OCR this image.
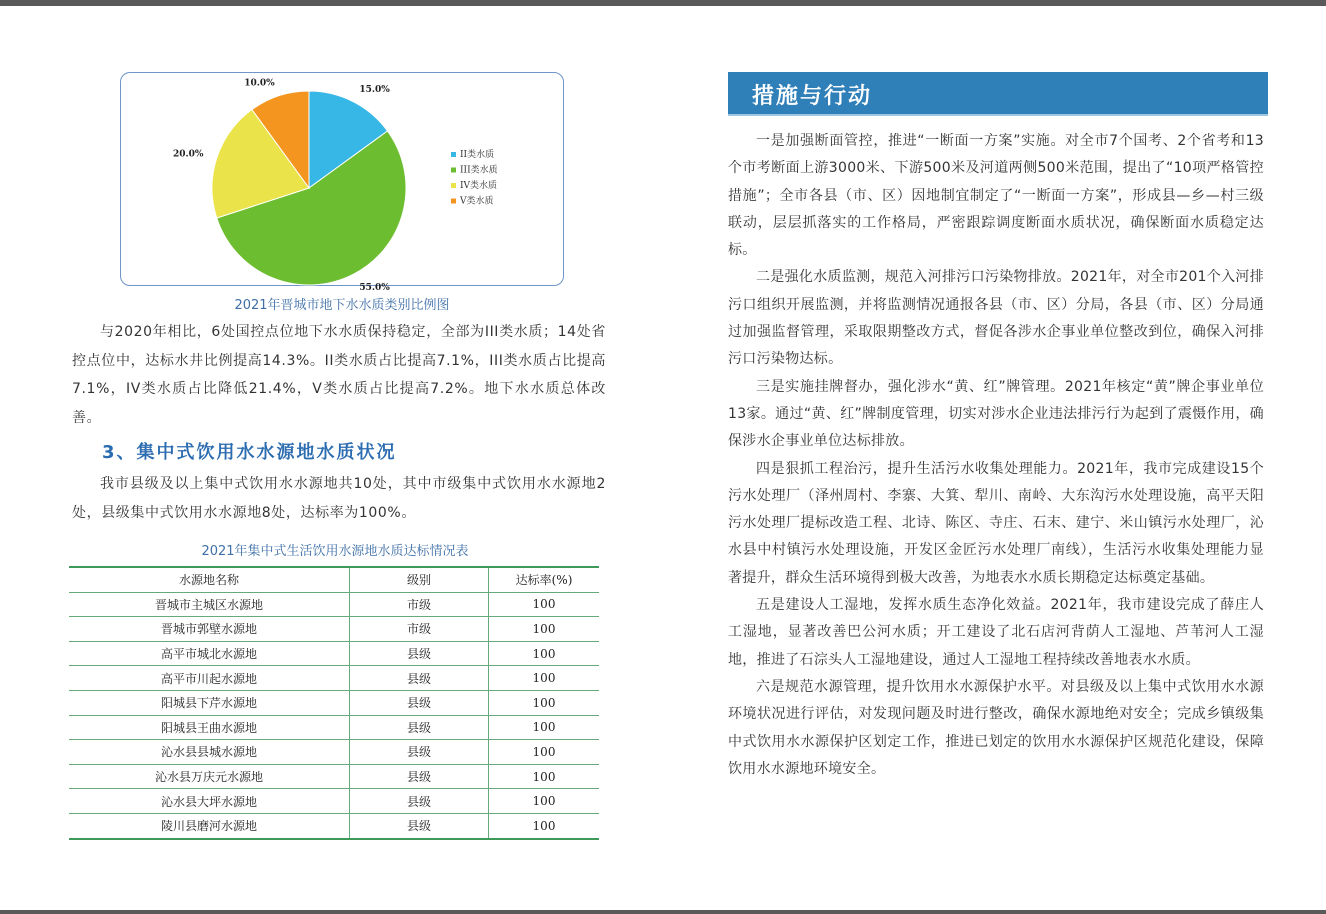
15.0%
55.0%
20.0%
10.0%
II类水质
III类水质
IV类水质
V类水质
2021年晋城市地下水水质类别比例图

与2020年相比，6处国控点位地下水水质保持稳定，全部为III类水质；14处省控点位中，达标水井比例提高14.3%。II类水质占比提高7.1%，III类水质占比提高7.1%，IV类水质占比降低21.4%，V类水质占比提高7.2%。地下水水质总体改善。

3、集中式饮用水水源地水质状况

我市县级及以上集中式饮用水水源地共10处，其中市级集中式饮用水水源地2处，县级集中式饮用水水源地8处，达标率为100%。

2021年集中式生活饮用水源地水质达标情况表
水源地名称	级别	达标率(%)
晋城市主城区水源地	市级	100
晋城市郭壁水源地	市级	100
高平市城北水源地	县级	100
高平市川起水源地	县级	100
阳城县下芹水源地	县级	100
阳城县王曲水源地	县级	100
沁水县县城水源地	县级	100
沁水县万庆元水源地	县级	100
沁水县大坪水源地	县级	100
陵川县磨河水源地	县级	100
措施与行动

一是加强断面管控，推进“一断面一方案”实施。对全市7个国考、2个省考和13个市考断面上游3000米、下游500米及河道两侧500米范围，提出了“10项严格管控措施”；全市各县（市、区）因地制宜制定了“一断面一方案”，形成县—乡—村三级联动，层层抓落实的工作格局，严密跟踪调度断面水质状况，确保断面水质稳定达标。

二是强化水质监测，规范入河排污口污染物排放。2021年，对全市201个入河排污口组织开展监测，并将监测情况通报各县（市、区）分局，各县（市、区）分局通过加强监督管理，采取限期整改方式，督促各涉水企事业单位整改到位，确保入河排污口污染物达标。

三是实施挂牌督办，强化涉水“黄、红”牌管理。2021年核定“黄”牌企事业单位13家。通过“黄、红”牌制度管理，切实对涉水企业违法排污行为起到了震慑作用，确保涉水企事业单位达标排放。

四是狠抓工程治污，提升生活污水收集处理能力。2021年，我市完成建设15个污水处理厂（泽州周村、李寨、大箕、犁川、南岭、大东沟污水处理设施，高平天阳污水处理厂提标改造工程、北诗、陈区、寺庄、石末、建宁、米山镇污水处理厂，沁水县中村镇污水处理设施，开发区金匠污水处理厂南线），生活污水收集处理能力显著提升，群众生活环境得到极大改善，为地表水水质长期稳定达标奠定基础。

五是建设人工湿地，发挥水质生态净化效益。2021年，我市建设完成了薛庄人工湿地，显著改善巴公河水质；开工建设了北石店河背荫人工湿地、芦苇河人工湿地，推进了石淙头人工湿地建设，通过人工湿地工程持续改善地表水水质。

六是规范水源管理，提升饮用水水源保护水平。对县级及以上集中式饮用水水源环境状况进行评估，对发现问题及时进行整改，确保水源地绝对安全；完成乡镇级集中式饮用水水源保护区划定工作，推进已划定的饮用水水源保护区规范化建设，保障饮用水水源地环境安全。
